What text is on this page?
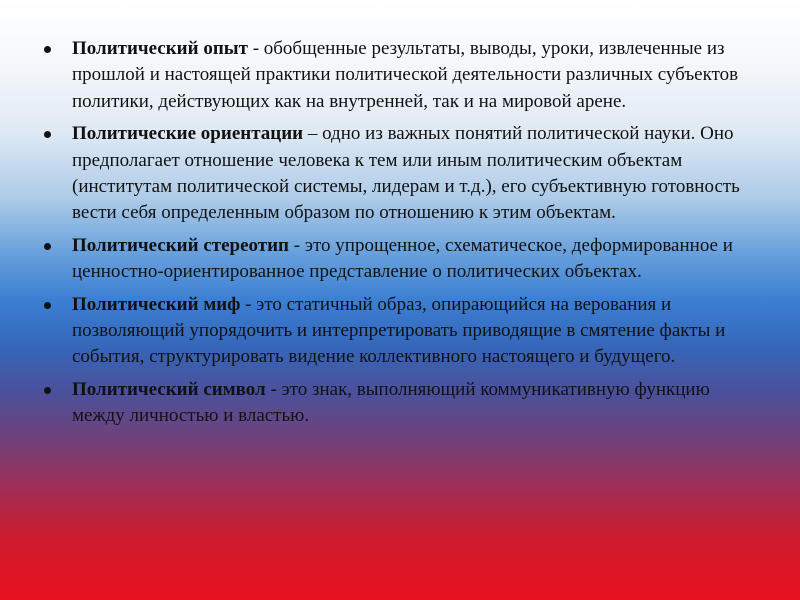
Политический опыт - обобщенные результаты, выводы, уроки, извлеченные из прошлой и настоящей практики политической деятельности различных субъектов политики, действующих как на внутренней, так и на мировой арене.
Политические ориентации – одно из важных понятий политической науки. Оно предполагает отношение человека к тем или иным политическим объектам (институтам политической системы, лидерам и т.д.), его субъективную готовность вести себя определенным образом по отношению к этим объектам.
Политический стереотип - это упрощенное, схематическое, деформированное и ценностно-ориентированное представление о политических объектах.
Политический миф - это статичный образ, опирающийся на верования и позволяющий упорядочить и интерпретировать приводящие в смятение факты и события, структурировать видение коллективного настоящего и будущего.
Политический символ - это знак, выполняющий коммуникативную функцию между личностью и властью.
